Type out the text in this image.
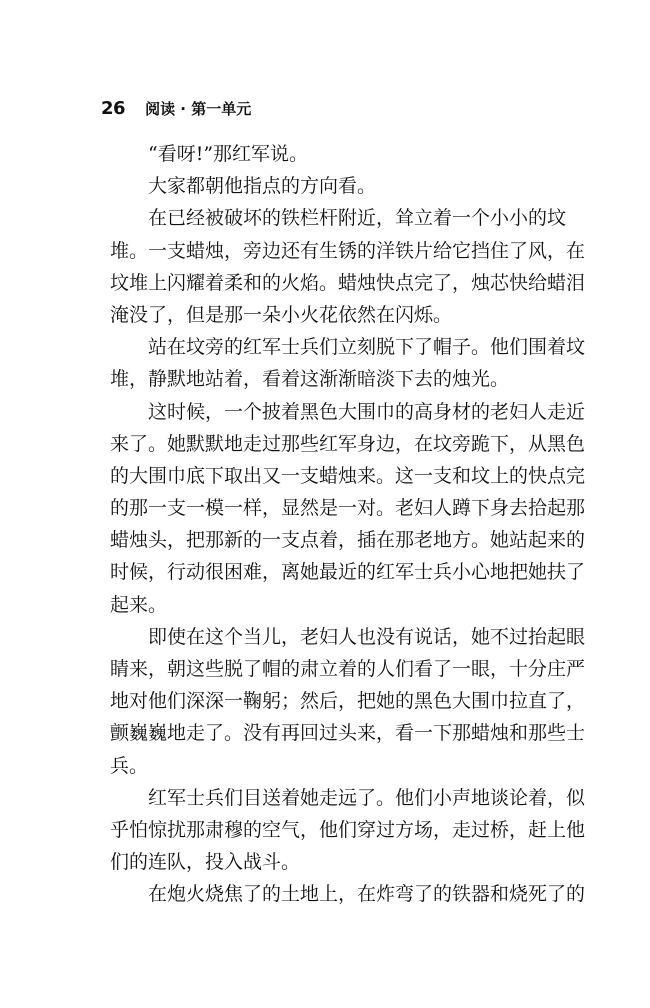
26 阅读 · 第一单元
“看呀!”那红军说。
大家都朝他指点的方向看。
在已经被破坏的铁栏杆附近，耸立着一个小小的坟
堆。一支蜡烛，旁边还有生锈的洋铁片给它挡住了风，在
坟堆上闪耀着柔和的火焰。蜡烛快点完了，烛芯快给蜡泪
淹没了，但是那一朵小火花依然在闪烁。
站在坟旁的红军士兵们立刻脱下了帽子。他们围着坟
堆，静默地站着，看着这渐渐暗淡下去的烛光。
这时候，一个披着黑色大围巾的高身材的老妇人走近
来了。她默默地走过那些红军身边，在坟旁跪下，从黑色
的大围巾底下取出又一支蜡烛来。这一支和坟上的快点完
的那一支一模一样，显然是一对。老妇人蹲下身去拾起那
蜡烛头，把那新的一支点着，插在那老地方。她站起来的
时候，行动很困难，离她最近的红军士兵小心地把她扶了
起来。
即使在这个当儿，老妇人也没有说话，她不过抬起眼
睛来，朝这些脱了帽的肃立着的人们看了一眼，十分庄严
地对他们深深一鞠躬；然后，把她的黑色大围巾拉直了，
颤巍巍地走了。没有再回过头来，看一下那蜡烛和那些士
兵。
红军士兵们目送着她走远了。他们小声地谈论着，似
乎怕惊扰那肃穆的空气，他们穿过方场，走过桥，赶上他
们的连队，投入战斗。
在炮火烧焦了的土地上，在炸弯了的铁器和烧死了的
